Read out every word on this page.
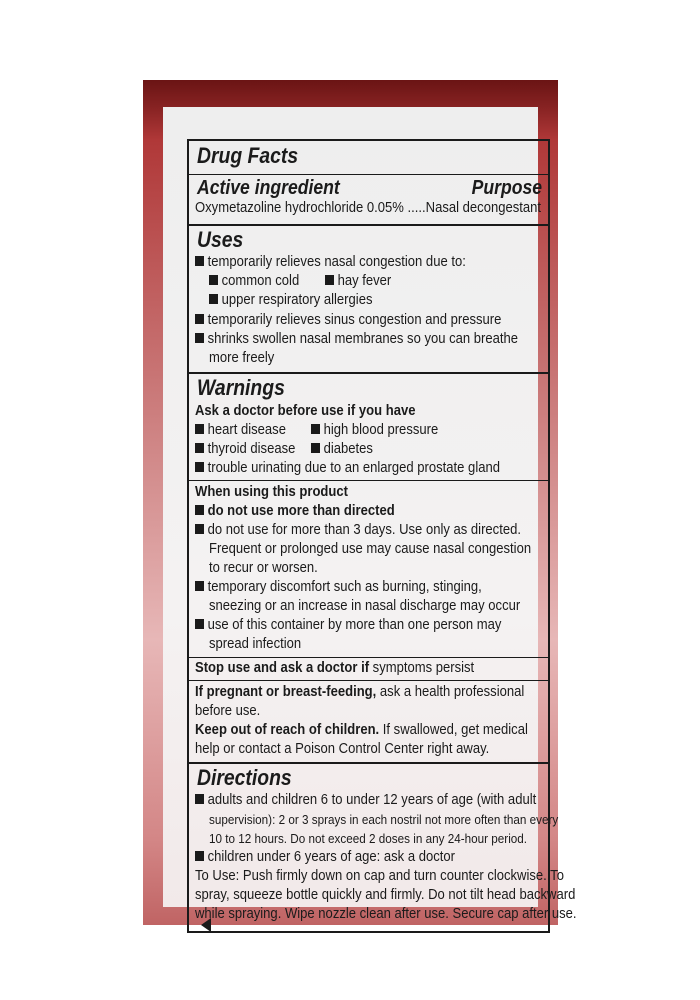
Drug Facts
Active ingredient	Purpose
Oxymetazoline hydrochloride 0.05% .....Nasal decongestant
Uses
temporarily relieves nasal congestion due to:
common cold	hay fever
upper respiratory allergies
temporarily relieves sinus congestion and pressure
shrinks swollen nasal membranes so you can breathe
more freely
Warnings
Ask a doctor before use if you have
heart disease	high blood pressure
thyroid disease	diabetes
trouble urinating due to an enlarged prostate gland
When using this product
do not use more than directed
do not use for more than 3 days. Use only as directed.
Frequent or prolonged use may cause nasal congestion
to recur or worsen.
temporary discomfort such as burning, stinging,
sneezing or an increase in nasal discharge may occur
use of this container by more than one person may
spread infection
Stop use and ask a doctor if symptoms persist
If pregnant or breast-feeding, ask a health professional
before use.
Keep out of reach of children. If swallowed, get medical
help or contact a Poison Control Center right away.
Directions
adults and children 6 to under 12 years of age (with adult
supervision): 2 or 3 sprays in each nostril not more often than every
10 to 12 hours. Do not exceed 2 doses in any 24-hour period.
children under 6 years of age: ask a doctor
To Use: Push firmly down on cap and turn counter clockwise. To
spray, squeeze bottle quickly and firmly. Do not tilt head backward
while spraying. Wipe nozzle clean after use. Secure cap after use.
